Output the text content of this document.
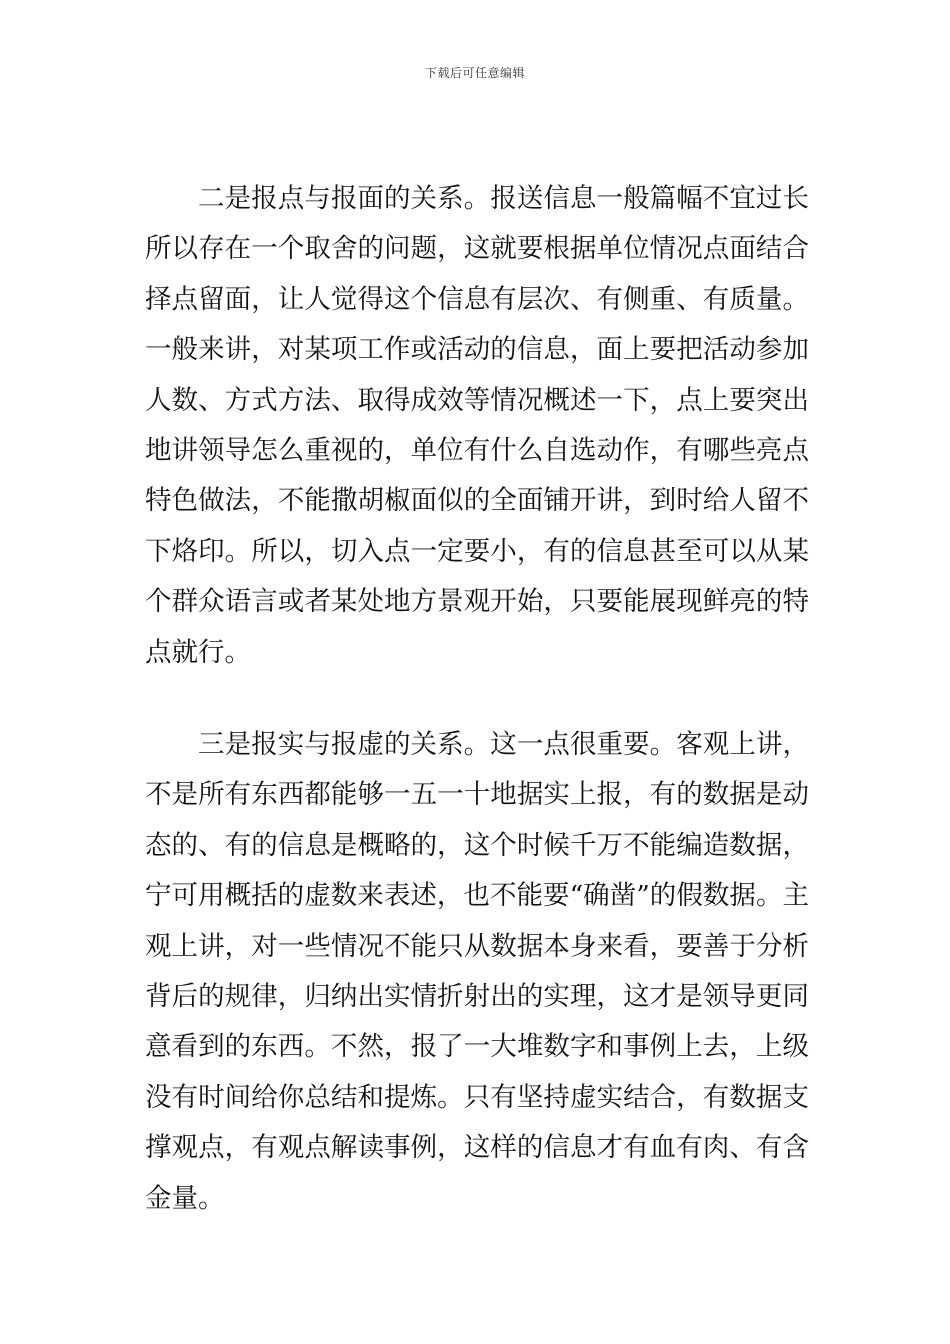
下载后可任意编辑

二是报点与报面的关系。报送信息一般篇幅不宜过长所以存在一个取舍的问题，这就要根据单位情况点面结合择点留面，让人觉得这个信息有层次、有侧重、有质量。一般来讲，对某项工作或活动的信息，面上要把活动参加人数、方式方法、取得成效等情况概述一下，点上要突出地讲领导怎么重视的，单位有什么自选动作，有哪些亮点特色做法，不能撒胡椒面似的全面铺开讲，到时给人留不下烙印。所以，切入点一定要小，有的信息甚至可以从某个群众语言或者某处地方景观开始，只要能展现鲜亮的特点就行。

三是报实与报虚的关系。这一点很重要。客观上讲，不是所有东西都能够一五一十地据实上报，有的数据是动态的、有的信息是概略的，这个时候千万不能编造数据，宁可用概括的虚数来表述，也不能要“确凿”的假数据。主观上讲，对一些情况不能只从数据本身来看，要善于分析背后的规律，归纳出实情折射出的实理，这才是领导更同意看到的东西。不然，报了一大堆数字和事例上去，上级没有时间给你总结和提炼。只有坚持虚实结合，有数据支撑观点，有观点解读事例，这样的信息才有血有肉、有含金量。
